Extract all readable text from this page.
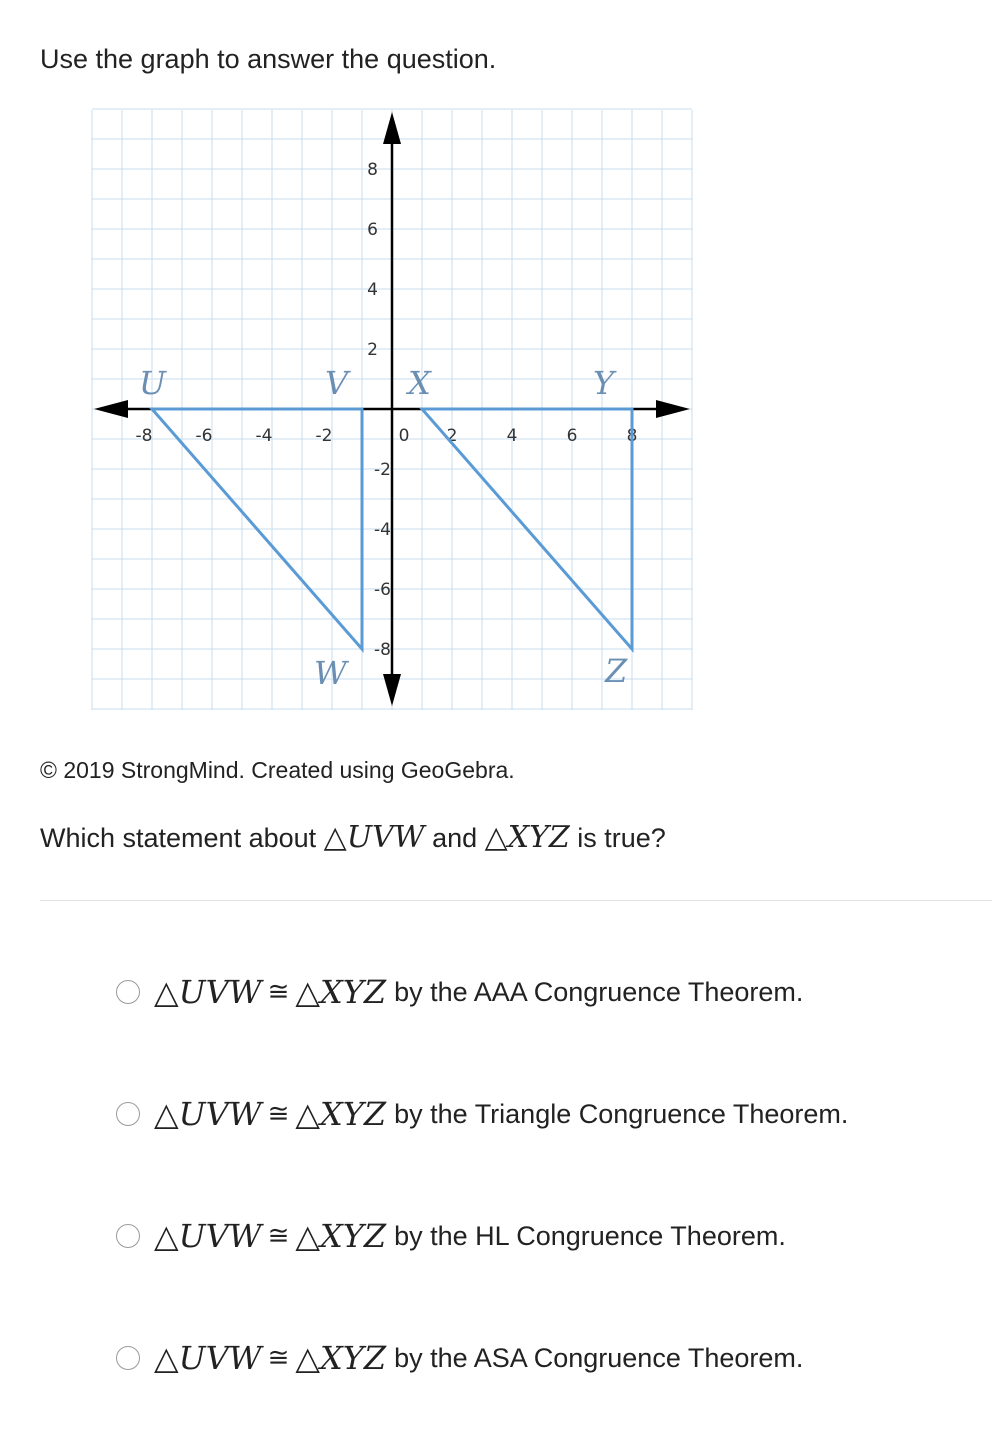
Use the graph to answer the question.
-8	-6	-4	-2	0 2	4	6	8
8
6
4
2
-2
-4
-6
-8
U	V X	Y
W	Z
© 2019 StrongMind. Created using GeoGebra.
Which statement about △UVW and △XYZ is true?
△UVW ≅ △XYZ by the AAA Congruence Theorem.
△UVW ≅ △XYZ by the Triangle Congruence Theorem.
△UVW ≅ △XYZ by the HL Congruence Theorem.
△UVW ≅ △XYZ by the ASA Congruence Theorem.
